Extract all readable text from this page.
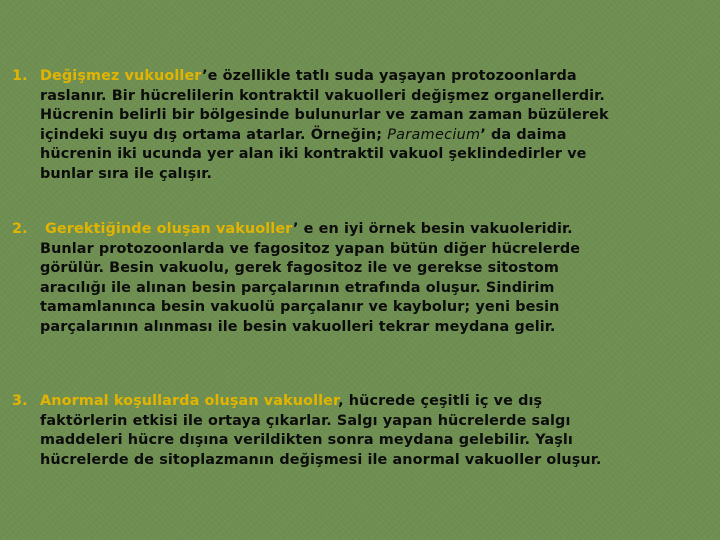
1. Değişmez vukuoller’e özellikle tatlı suda yaşayan protozoonlarda
raslanır. Bir hücrelilerin kontraktil vakuolleri değişmez organellerdir.
Hücrenin belirli bir bölgesinde bulunurlar ve zaman zaman büzülerek
içindeki suyu dış ortama atarlar. Örneğin; Paramecium’ da daima
hücrenin iki ucunda yer alan iki kontraktil vakuol şeklindedirler ve
bunlar sıra ile çalışır.
2.	Gerektiğinde oluşan vakuoller’ e en iyi örnek besin vakuoleridir.
Bunlar protozoonlarda ve fagositoz yapan bütün diğer hücrelerde
görülür. Besin vakuolu, gerek fagositoz ile ve gerekse sitostom
aracılığı ile alınan besin parçalarının etrafında oluşur. Sindirim
tamamlanınca besin vakuolü parçalanır ve kaybolur; yeni besin
parçalarının alınması ile besin vakuolleri tekrar meydana gelir.
3. Anormal koşullarda oluşan vakuoller, hücrede çeşitli iç ve dış
faktörlerin etkisi ile ortaya çıkarlar. Salgı yapan hücrelerde salgı
maddeleri hücre dışına verildikten sonra meydana gelebilir. Yaşlı
hücrelerde de sitoplazmanın değişmesi ile anormal vakuoller oluşur.
